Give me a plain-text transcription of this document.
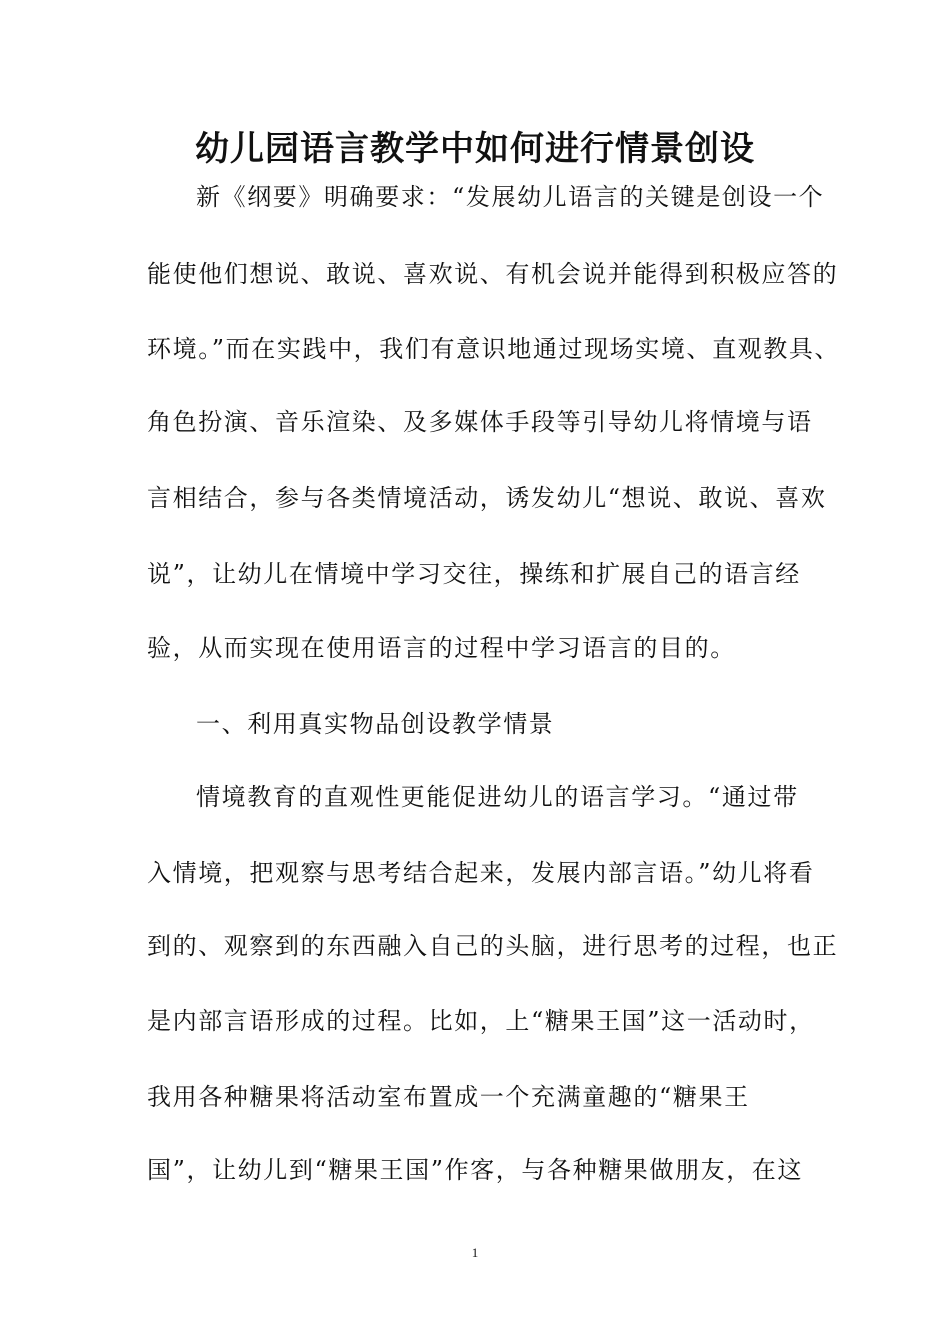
幼儿园语言教学中如何进行情景创设

新《纲要》明确要求：“发展幼儿语言的关键是创设一个

能使他们想说、敢说、喜欢说、有机会说并能得到积极应答的

环境。”而在实践中，我们有意识地通过现场实境、直观教具、

角色扮演、音乐渲染、及多媒体手段等引导幼儿将情境与语

言相结合，参与各类情境活动，诱发幼儿“想说、敢说、喜欢

说”，让幼儿在情境中学习交往，操练和扩展自己的语言经

验，从而实现在使用语言的过程中学习语言的目的。

一、利用真实物品创设教学情景

情境教育的直观性更能促进幼儿的语言学习。“通过带

入情境，把观察与思考结合起来，发展内部言语。”幼儿将看

到的、观察到的东西融入自己的头脑，进行思考的过程，也正

是内部言语形成的过程。比如，上“糖果王国”这一活动时，

我用各种糖果将活动室布置成一个充满童趣的“糖果王

国”，让幼儿到“糖果王国”作客，与各种糖果做朋友，在这

1
